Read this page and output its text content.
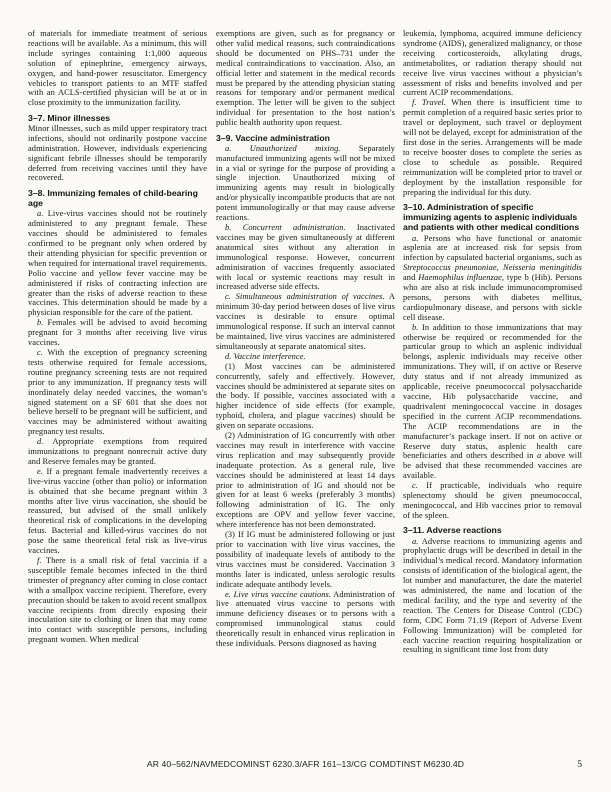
of materials for immediate treatment of serious reactions will be available. As a minimum, this will include syringes containing 1:1,000 aqueous solution of epinephrine, emergency airways, oxygen, and hand-power resuscitator. Emergency vehicles to transport patients to an MTF staffed with an ACLS-certified physician will be at or in close proximity to the immunization facility.

3–7. Minor illnesses

Minor illnesses, such as mild upper respiratory tract infections, should not ordinarily postpone vaccine administration. However, individuals experiencing significant febrile illnesses should be temporarily deferred from receiving vaccines until they have recovered.

3–8. Immunizing females of child-bearing age

a. Live-virus vaccines should not be routinely administered to any pregnant female. These vaccines should be administered to females confirmed to be pregnant only when ordered by their attending physician for specific prevention or when required for international travel requirements. Polio vaccine and yellow fever vaccine may be administered if risks of contracting infection are greater than the risks of adverse reaction to these vaccines. This determination should be made by a physician responsible for the care of the patient.

b. Females will be advised to avoid becoming pregnant for 3 months after receiving live virus vaccines.

c. With the exception of pregnancy screening tests otherwise required for female accessions, routine pregnancy screening tests are not required prior to any immunization. If pregnancy tests will inordinately delay needed vaccines, the woman’s signed statement on a SF 601 that she does not believe herself to be pregnant will be sufficient, and vaccines may be administered without awaiting pregnancy test results.

d. Appropriate exemptions from required immunizations to pregnant nonrecruit active duty and Reserve females may be granted.

e. If a pregnant female inadvertently receives a live-virus vaccine (other than polio) or information is obtained that she became pregnant within 3 months after live virus vaccination, she should be reassured, but advised of the small unlikely theoretical risk of complications in the developing fetus. Bacterial and killed-virus vaccines do not pose the same theoretical fetal risk as live-virus vaccines.

f. There is a small risk of fetal vaccinia if a susceptible female becomes infected in the third trimester of pregnancy after coming in close contact with a smallpox vaccine recipient. Therefore, every precaution should be taken to avoid recent smallpox vaccine recipients from directly exposing their inoculation site to clothing or linen that may come into contact with susceptible persons, including pregnant women. When medical

exemptions are given, such as for pregnancy or other valid medical reasons, such contraindications should be documented on PHS–731 under the medical contraindications to vaccination. Also, an official letter and statement in the medical records must be prepared by the attending physician stating reasons for temporary and/or permanent medical exemption. The letter will be given to the subject individual for presentation to the host nation’s public health authority upon request.

3–9. Vaccine administration

a. Unauthorized mixing. Separately manufactured immunizing agents will not be mixed in a vial or syringe for the purpose of providing a single injection. Unauthorized mixing of immunizing agents may result in biologically and/or physically incompatible products that are not potent immunologically or that may cause adverse reactions.

b. Concurrent administration. Inactivated vaccines may be given simultaneously at different anatomical sites without any alteration in immunological response. However, concurrent administration of vaccines frequently associated with local or systemic reactions may result in increased adverse side effects.

c. Simultaneous administration of vaccines. A minimum 30-day period between doses of live virus vaccines is desirable to ensure optimal immunological response. If such an interval cannot be maintained, live virus vaccines are administered simultaneously at separate anatomical sites.

d. Vaccine interference.

(1) Most vaccines can be administered concurrently, safely and effectively. However, vaccines should be administered at separate sites on the body. If possible, vaccines associated with a higher incidence of side effects (for example, typhoid, cholera, and plague vaccines) should be given on separate occasions.

(2) Administration of IG concurrently with other vaccines may result in interference with vaccine virus replication and may subsequently provide inadequate protection. As a general rule, live vaccines should be administered at least 14 days prior to administration of IG and should not be given for at least 6 weeks (preferably 3 months) following administration of IG. The only exceptions are OPV and yellow fever vaccine, where interference has not been demonstrated.

(3) If IG must be administered following or just prior to vaccination with live virus vaccines, the possibility of inadequate levels of antibody to the virus vaccines must be considered. Vaccination 3 months later is indicated, unless serologic results indicate adequate antibody levels.

e. Live virus vaccine cautions. Administration of live attenuated virus vaccine to persons with immune deficiency diseases or to persons with a compromised immunological status could theoretically result in enhanced virus replication in these individuals. Persons diagnosed as having

leukemia, lymphoma, acquired immune deficiency syndrome (AIDS), generalized malignancy, or those receiving corticosteroids, alkylating drugs, antimetabolites, or radiation therapy should not receive live virus vaccines without a physician’s assessment of risks and benefits involved and per current ACIP recommendations.

f. Travel. When there is insufficient time to permit completion of a required basic series prior to travel or deployment, such travel or deployment will not be delayed, except for administration of the first dose in the series. Arrangements will be made to receive booster doses to complete the series as close to schedule as possible. Required reimmunization will be completed prior to travel or deployment by the installation responsible for preparing the individual for this duty.

3–10. Administration of specific immunizing agents to asplenic individuals and patients with other medical conditions

a. Persons who have functional or anatomic asplenia are at increased risk for sepsis from infection by capsulated bacterial organisms, such as Streptococcus pneumoniae, Neisseria meningitidis and Haemophilus influenzae, type b (Hib). Persons who are also at risk include immunocompromised persons, persons with diabetes mellitus, cardiopulmonary disease, and persons with sickle cell disease.

b. In addition to those immunizations that may otherwise be required or recommended for the particular group to which an asplenic individual belongs, asplenic individuals may receive other immunizations. They will, if on active or Reserve duty status and if not already immunized as applicable, receive pneumococcal polysaccharide vaccine, Hib polysaccharide vaccine, and quadrivalent meningococcal vaccine in dosages specified in the current ACIP recommendations. The ACIP recommendations are in the manufacturer’s package insert. If not on active or Reserve duty status, asplenic health care beneficiaries and others described in a above will be advised that these recommended vaccines are available.

c. If practicable, individuals who require splenectomy should be given pneumococcal, meningococcal, and Hib vaccines prior to removal of the spleen.

3–11. Adverse reactions

a. Adverse reactions to immunizing agents and prophylactic drugs will be described in detail in the individual’s medical record. Mandatory information consists of identification of the biological agent, the lot number and manufacturer, the date the materiel was administered, the name and location of the medical facility, and the type and severity of the reaction. The Centers for Disease Control (CDC) form, CDC Form 71.19 (Report of Adverse Event Following Immunization) will be completed for each vaccine reaction requiring hospitalization or resulting in significant time lost from duty

AR 40–562/NAVMEDCOMINST 6230.3/AFR 161–13/CG COMDTINST M6230.4D	5
